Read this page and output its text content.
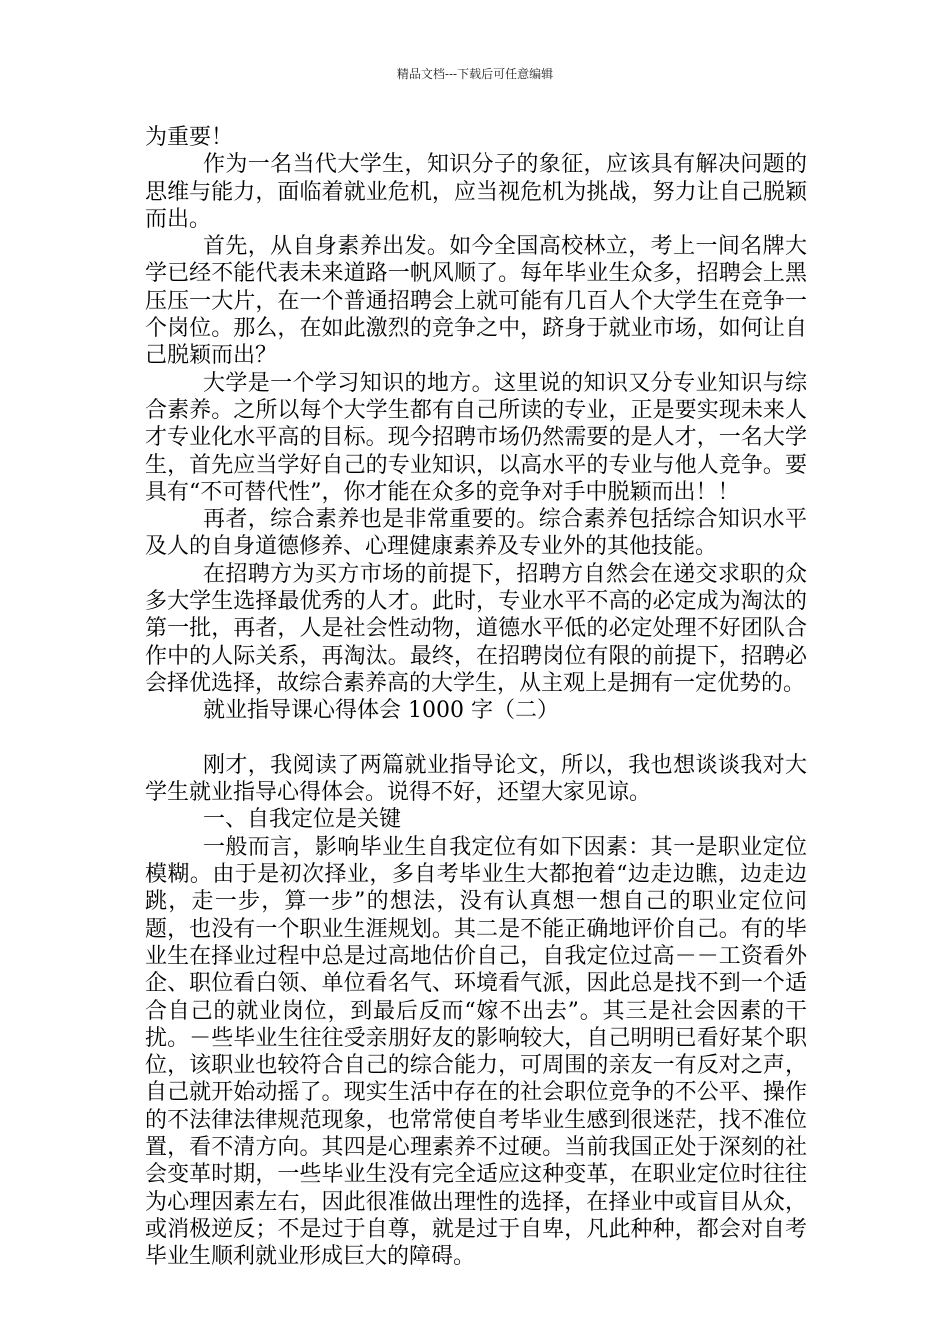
精品文档---下载后可任意编辑

为重要！

作为一名当代大学生，知识分子的象征，应该具有解决问题的思维与能力，面临着就业危机，应当视危机为挑战，努力让自己脱颖而出。

首先，从自身素养出发。如今全国高校林立，考上一间名牌大学已经不能代表未来道路一帆风顺了。每年毕业生众多，招聘会上黑压压一大片，在一个普通招聘会上就可能有几百人个大学生在竞争一个岗位。那么，在如此激烈的竞争之中，跻身于就业市场，如何让自己脱颖而出？

大学是一个学习知识的地方。这里说的知识又分专业知识与综合素养。之所以每个大学生都有自己所读的专业，正是要实现未来人才专业化水平高的目标。现今招聘市场仍然需要的是人才，一名大学生，首先应当学好自己的专业知识，以高水平的专业与他人竞争。要具有“不可替代性”，你才能在众多的竞争对手中脱颖而出！！

再者，综合素养也是非常重要的。综合素养包括综合知识水平及人的自身道德修养、心理健康素养及专业外的其他技能。

在招聘方为买方市场的前提下，招聘方自然会在递交求职的众多大学生选择最优秀的人才。此时，专业水平不高的必定成为淘汰的第一批，再者，人是社会性动物，道德水平低的必定处理不好团队合作中的人际关系，再淘汰。最终，在招聘岗位有限的前提下，招聘必会择优选择，故综合素养高的大学生，从主观上是拥有一定优势的。

就业指导课心得体会 1000 字（二）

刚才，我阅读了两篇就业指导论文，所以，我也想谈谈我对大学生就业指导心得体会。说得不好，还望大家见谅。

一、自我定位是关键

一般而言，影响毕业生自我定位有如下因素：其一是职业定位模糊。由于是初次择业，多自考毕业生大都抱着“边走边瞧，边走边跳，走一步，算一步”的想法，没有认真想一想自己的职业定位问题，也没有一个职业生涯规划。其二是不能正确地评价自己。有的毕业生在择业过程中总是过高地估价自己，自我定位过高－－工资看外企、职位看白领、单位看名气、环境看气派，因此总是找不到一个适合自己的就业岗位，到最后反而“嫁不出去”。其三是社会因素的干扰。－些毕业生往往受亲朋好友的影响较大，自己明明已看好某个职位，该职业也较符合自己的综合能力，可周围的亲友一有反对之声，自己就开始动摇了。现实生活中存在的社会职位竞争的不公平、操作的不法律法律规范现象，也常常使自考毕业生感到很迷茫，找不准位置，看不清方向。其四是心理素养不过硬。当前我国正处于深刻的社会变革时期，一些毕业生没有完全适应这种变革，在职业定位时往往为心理因素左右，因此很准做出理性的选择，在择业中或盲目从众，或消极逆反；不是过于自尊，就是过于自卑，凡此种种，都会对自考毕业生顺利就业形成巨大的障碍。
